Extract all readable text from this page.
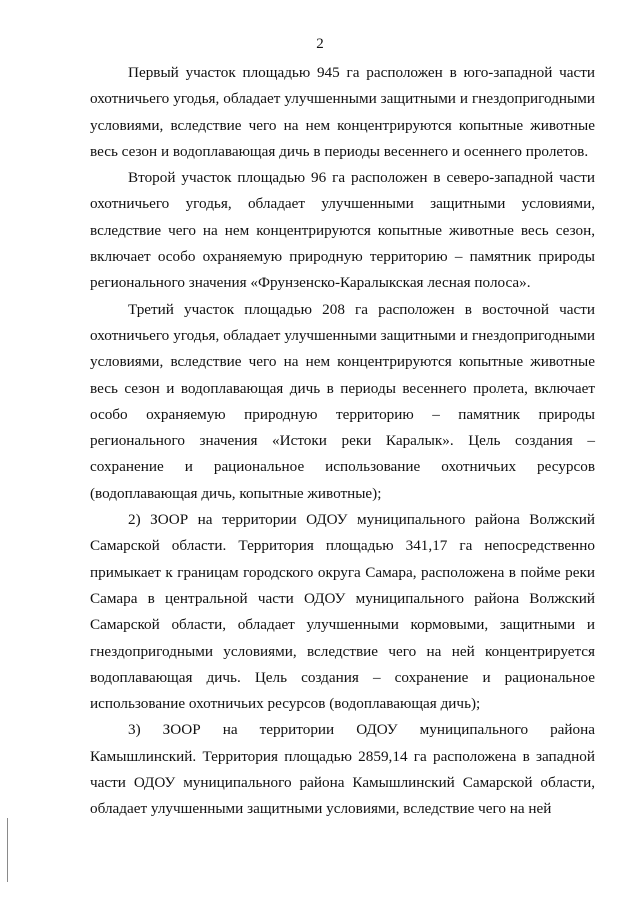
2

Первый участок площадью 945 га расположен в юго-западной части охотничьего угодья, обладает улучшенными защитными и гнездопригодными условиями, вследствие чего на нем концентрируются копытные животные весь сезон и водоплавающая дичь в периоды весеннего и осеннего пролетов.

Второй участок площадью 96 га расположен в северо-западной части охотничьего угодья, обладает улучшенными защитными условиями, вследствие чего на нем концентрируются копытные животные весь сезон, включает особо охраняемую природную территорию – памятник природы регионального значения «Фрунзенско-Каралыкская лесная полоса».

Третий участок площадью 208 га расположен в восточной части охотничьего угодья, обладает улучшенными защитными и гнездопригодными условиями, вследствие чего на нем концентрируются копытные животные весь сезон и водоплавающая дичь в периоды весеннего пролета, включает особо охраняемую природную территорию – памятник природы регионального значения «Истоки реки Каралык». Цель создания – сохранение и рациональное использование охотничьих ресурсов (водоплавающая дичь, копытные животные);

2) ЗООР на территории ОДОУ муниципального района Волжский Самарской области. Территория площадью 341,17 га непосредственно примыкает к границам городского округа Самара, расположена в пойме реки Самара в центральной части ОДОУ муниципального района Волжский Самарской области, обладает улучшенными кормовыми, защитными и гнездопригодными условиями, вследствие чего на ней концентрируется водоплавающая дичь. Цель создания – сохранение и рациональное использование охотничьих ресурсов (водоплавающая дичь);

3) ЗООР на территории ОДОУ муниципального района Камышлинский. Территория площадью 2859,14 га расположена в западной части ОДОУ муниципального района Камышлинский Самарской области, обладает улучшенными защитными условиями, вследствие чего на ней
